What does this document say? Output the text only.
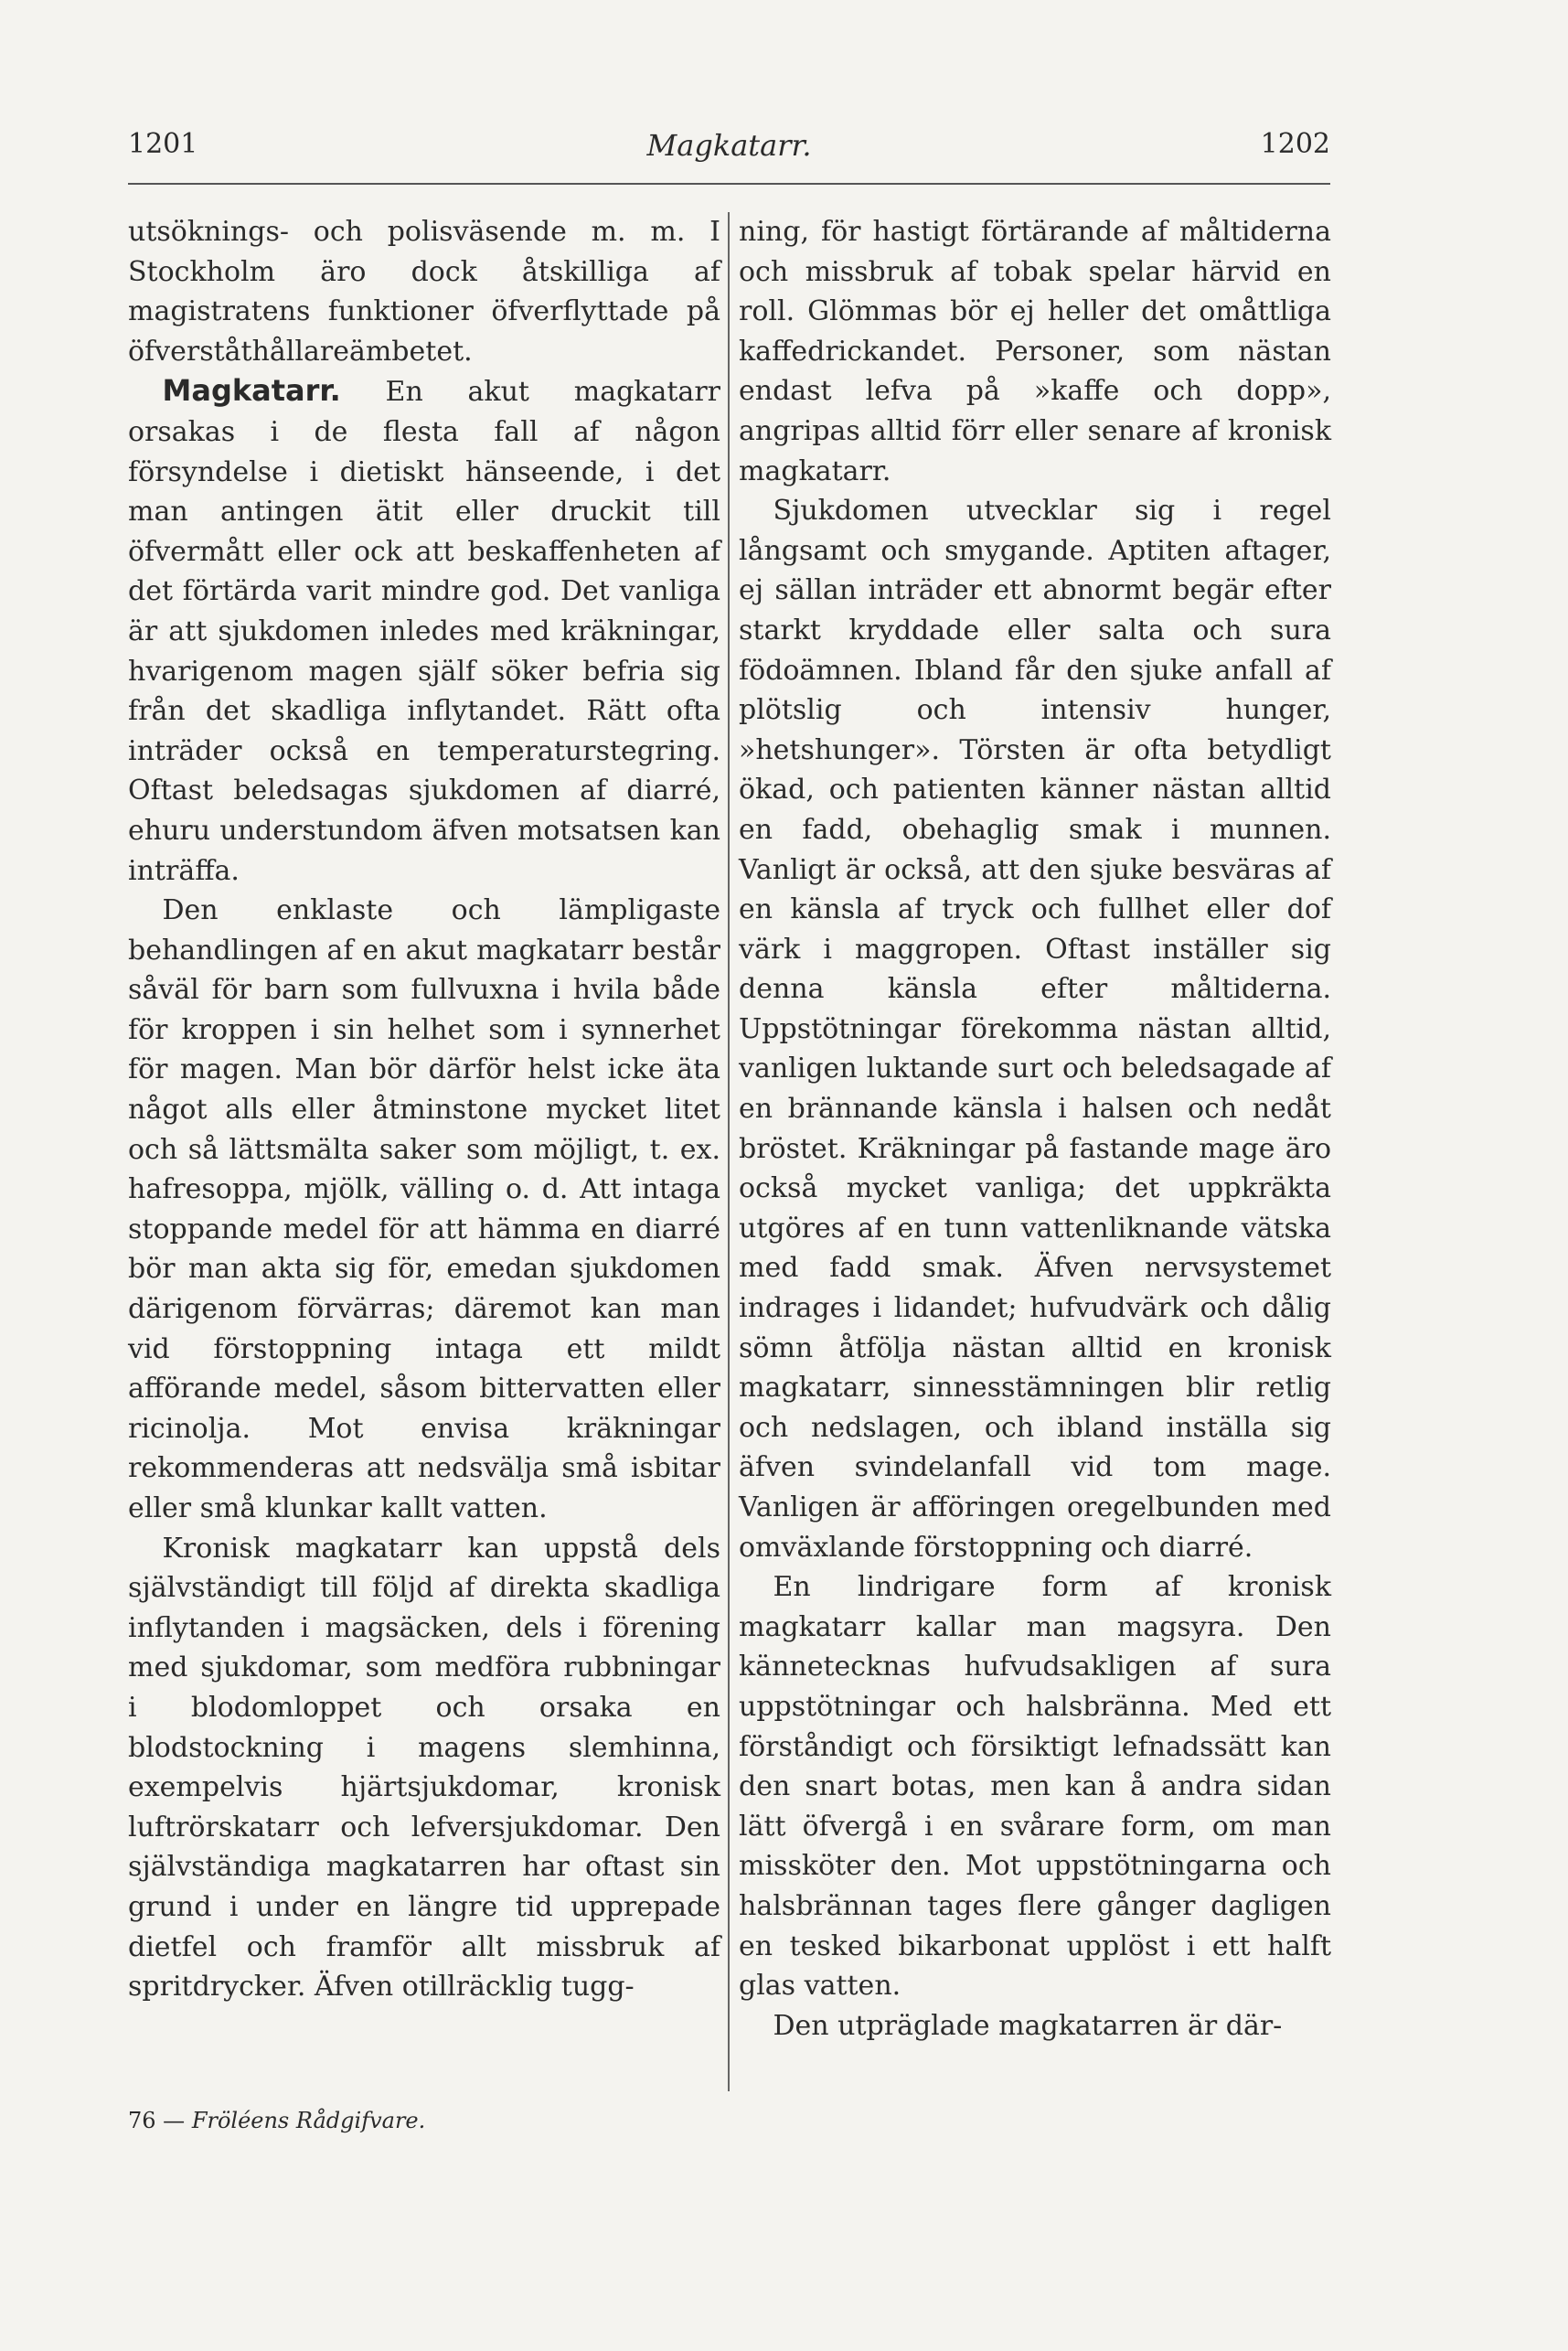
1201	Magkatarr.	1202

utsöknings- och polisväsende m. m. I Stockholm äro dock åtskilliga af magistratens funktioner öfverflyttade på öfverståthållareämbetet.

Magkatarr. En akut magkatarr orsakas i de flesta fall af någon försyndelse i dietiskt hänseende, i det man antingen ätit eller druckit till öfvermått eller ock att beskaffenheten af det förtärda varit mindre god. Det vanliga är att sjukdomen inledes med kräkningar, hvarigenom magen själf söker befria sig från det skadliga inflytandet. Rätt ofta inträder också en temperaturstegring. Oftast beledsagas sjukdomen af diarré, ehuru understundom äfven motsatsen kan inträffa.

Den enklaste och lämpligaste behandlingen af en akut magkatarr består såväl för barn som fullvuxna i hvila både för kroppen i sin helhet som i synnerhet för magen. Man bör därför helst icke äta något alls eller åtminstone mycket litet och så lättsmälta saker som möjligt, t. ex. hafresoppa, mjölk, välling o. d. Att intaga stoppande medel för att hämma en diarré bör man akta sig för, emedan sjukdomen därigenom förvärras; däremot kan man vid förstoppning intaga ett mildt afförande medel, såsom bittervatten eller ricinolja. Mot envisa kräkningar rekommenderas att nedsvälja små isbitar eller små klunkar kallt vatten.

Kronisk magkatarr kan uppstå dels självständigt till följd af direkta skadliga inflytanden i magsäcken, dels i förening med sjukdomar, som medföra rubbningar i blodomloppet och orsaka en blodstockning i magens slemhinna, exempelvis hjärtsjukdomar, kronisk luftrörskatarr och lefversjukdomar. Den självständiga magkatarren har oftast sin grund i under en längre tid upprepade dietfel och framför allt missbruk af spritdrycker. Äfven otillräcklig tugg-

ning, för hastigt förtärande af måltiderna och missbruk af tobak spelar härvid en roll. Glömmas bör ej heller det omåttliga kaffedrickandet. Personer, som nästan endast lefva på »kaffe och dopp», angripas alltid förr eller senare af kronisk magkatarr.

Sjukdomen utvecklar sig i regel långsamt och smygande. Aptiten aftager, ej sällan inträder ett abnormt begär efter starkt kryddade eller salta och sura födoämnen. Ibland får den sjuke anfall af plötslig och intensiv hunger, »hetshunger». Törsten är ofta betydligt ökad, och patienten känner nästan alltid en fadd, obehaglig smak i munnen. Vanligt är också, att den sjuke besväras af en känsla af tryck och fullhet eller dof värk i maggropen. Oftast inställer sig denna känsla efter måltiderna. Uppstötningar förekomma nästan alltid, vanligen luktande surt och beledsagade af en brännande känsla i halsen och nedåt bröstet. Kräkningar på fastande mage äro också mycket vanliga; det uppkräkta utgöres af en tunn vattenliknande vätska med fadd smak. Äfven nervsystemet indrages i lidandet; hufvudvärk och dålig sömn åtfölja nästan alltid en kronisk magkatarr, sinnesstämningen blir retlig och nedslagen, och ibland inställa sig äfven svindelanfall vid tom mage. Vanligen är afföringen oregelbunden med omväxlande förstoppning och diarré.

En lindrigare form af kronisk magkatarr kallar man magsyra. Den kännetecknas hufvudsakligen af sura uppstötningar och halsbränna. Med ett förståndigt och försiktigt lefnadssätt kan den snart botas, men kan å andra sidan lätt öfvergå i en svårare form, om man missköter den. Mot uppstötningarna och halsbrännan tages flere gånger dagligen en tesked bikarbonat upplöst i ett halft glas vatten.

Den utpräglade magkatarren är där-

76 — Fröléens Rådgifvare.
